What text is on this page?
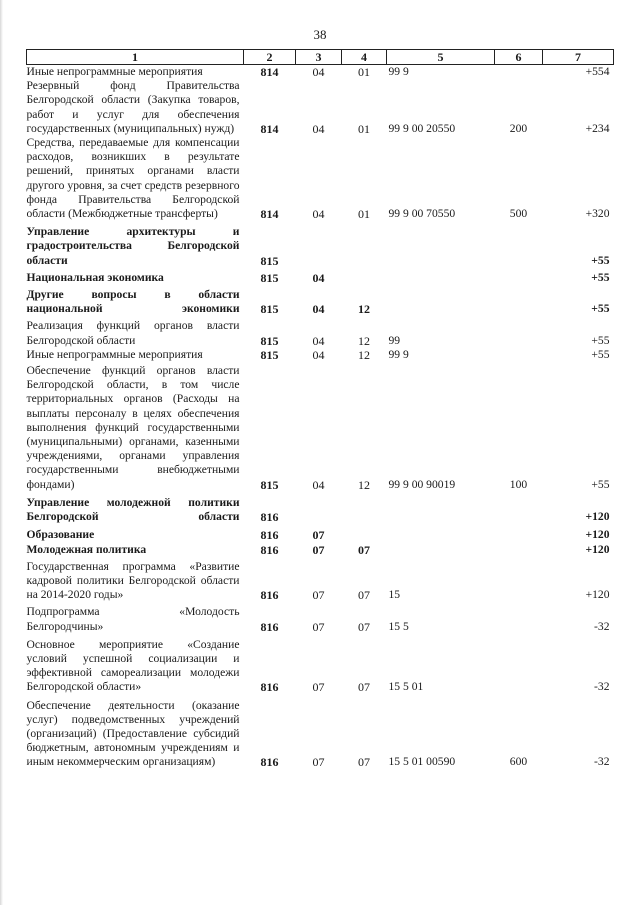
38
1	2	3	4	5	6	7
Иные непрограммные мероприятия	814	04	01	99 9		+554
Резервный фонд Правительства Белгородской области (Закупка товаров, работ и услуг для обеспечения государственных (муниципальных) нужд)	814	04	01	99 9 00 20550	200	+234
Средства, передаваемые для компенсации расходов, возникших в результате решений, принятых органами власти другого уровня, за счет средств резервного фонда Правительства Белгородской области (Межбюджетные трансферты)	814	04	01	99 9 00 70550	500	+320
Управление архитектуры и градостроительства Белгородской области	815					+55
Национальная экономика	815	04				+55
Другие вопросы в области национальной экономики	815	04	12			+55
Реализация функций органов власти Белгородской области	815	04	12	99		+55
Иные непрограммные мероприятия	815	04	12	99 9		+55
Обеспечение функций органов власти Белгородской области, в том числе территориальных органов (Расходы на выплаты персоналу в целях обеспечения выполнения функций государственными (муниципальными) органами, казенными учреждениями, органами управления государственными внебюджетными фондами)	815	04	12	99 9 00 90019	100	+55
Управление молодежной политики Белгородской области	816					+120
Образование	816	07				+120
Молодежная политика	816	07	07			+120
Государственная программа «Развитие кадровой политики Белгородской области на 2014-2020 годы»	816	07	07	15		+120
Подпрограмма «Молодость Белгородчины»	816	07	07	15 5		-32
Основное мероприятие «Создание условий успешной социализации и эффективной самореализации молодежи Белгородской области»	816	07	07	15 5 01		-32
Обеспечение деятельности (оказание услуг) подведомственных учреждений (организаций) (Предоставление субсидий бюджетным, автономным учреждениям и иным некоммерческим организациям)	816	07	07	15 5 01 00590	600	-32
